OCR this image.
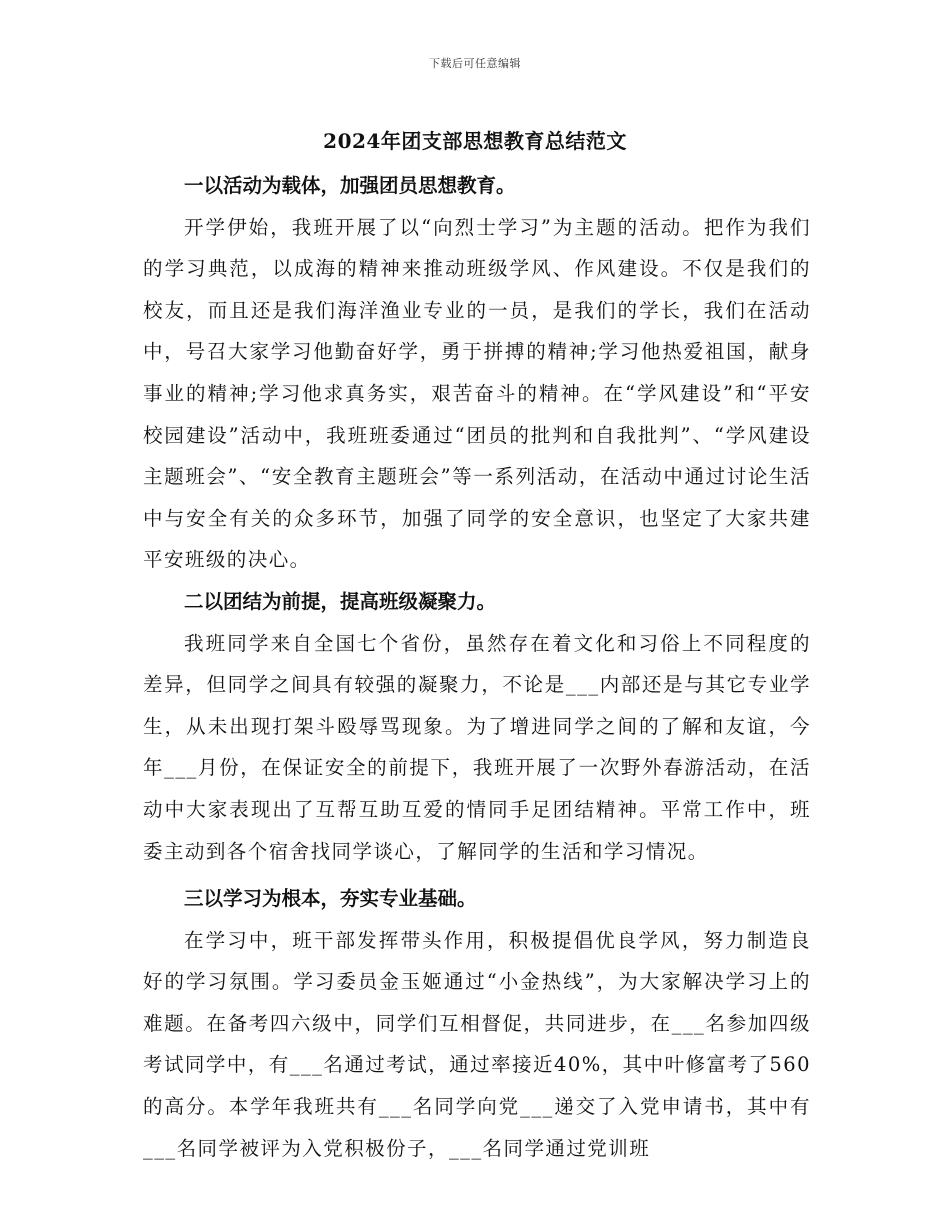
下载后可任意编辑
2024年团支部思想教育总结范文

一以活动为载体，加强团员思想教育。

开学伊始，我班开展了以“向烈士学习”为主题的活动。把作为我们的学习典范，以成海的精神来推动班级学风、作风建设。不仅是我们的校友，而且还是我们海洋渔业专业的一员，是我们的学长，我们在活动中，号召大家学习他勤奋好学，勇于拼搏的精神;学习他热爱祖国，献身事业的精神;学习他求真务实，艰苦奋斗的精神。在“学风建设”和“平安校园建设”活动中，我班班委通过“团员的批判和自我批判”、“学风建设主题班会”、“安全教育主题班会”等一系列活动，在活动中通过讨论生活中与安全有关的众多环节，加强了同学的安全意识，也坚定了大家共建平安班级的决心。

二以团结为前提，提高班级凝聚力。

我班同学来自全国七个省份，虽然存在着文化和习俗上不同程度的差异，但同学之间具有较强的凝聚力，不论是___内部还是与其它专业学生，从未出现打架斗殴辱骂现象。为了增进同学之间的了解和友谊，今年___月份，在保证安全的前提下，我班开展了一次野外春游活动，在活动中大家表现出了互帮互助互爱的情同手足团结精神。平常工作中，班委主动到各个宿舍找同学谈心，了解同学的生活和学习情况。

三以学习为根本，夯实专业基础。

在学习中，班干部发挥带头作用，积极提倡优良学风，努力制造良好的学习氛围。学习委员金玉姬通过“小金热线”，为大家解决学习上的难题。在备考四六级中，同学们互相督促，共同进步，在___名参加四级考试同学中，有___名通过考试，通过率接近40%，其中叶修富考了560的高分。本学年我班共有___名同学向党___递交了入党申请书，其中有___名同学被评为入党积极份子，___名同学通过党训班
